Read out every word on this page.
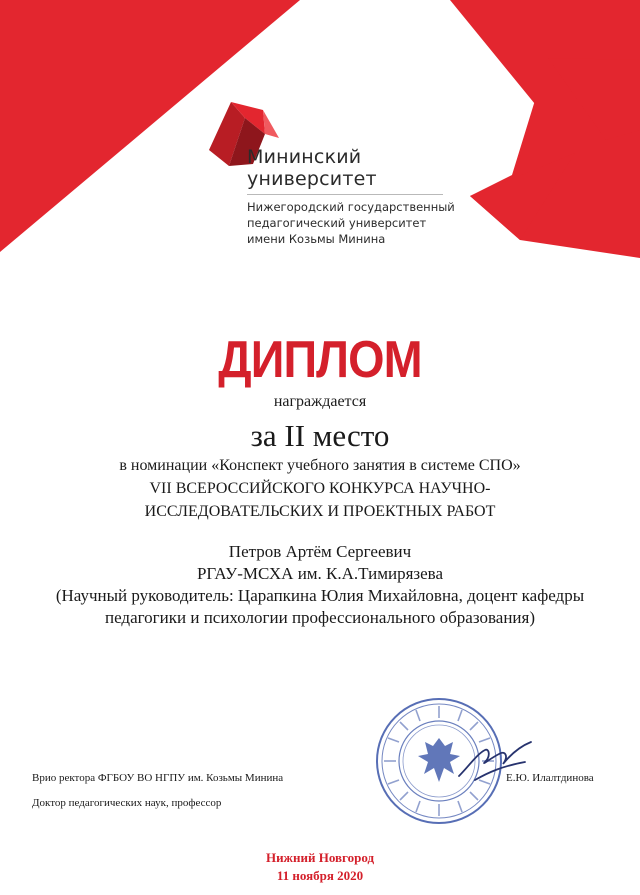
Мининский
университет
Нижегородский государственный
педагогический университет
имени Козьмы Минина
ДИПЛОМ
награждается
за II место
в номинации «Конспект учебного занятия в системе СПО»
VII ВСЕРОССИЙСКОГО КОНКУРСА НАУЧНО-
ИССЛЕДОВАТЕЛЬСКИХ И ПРОЕКТНЫХ РАБОТ
Петров Артём Сергеевич
РГАУ-МСХА им. К.А.Тимирязева
(Научный руководитель: Царапкина Юлия Михайловна, доцент кафедры
педагогики и психологии профессионального образования)
Врио ректора ФГБОУ ВО НГПУ им. Козьмы Минина
Доктор педагогических наук, профессор
Е.Ю. Илалтдинова
Нижний Новгород
11 ноября 2020
